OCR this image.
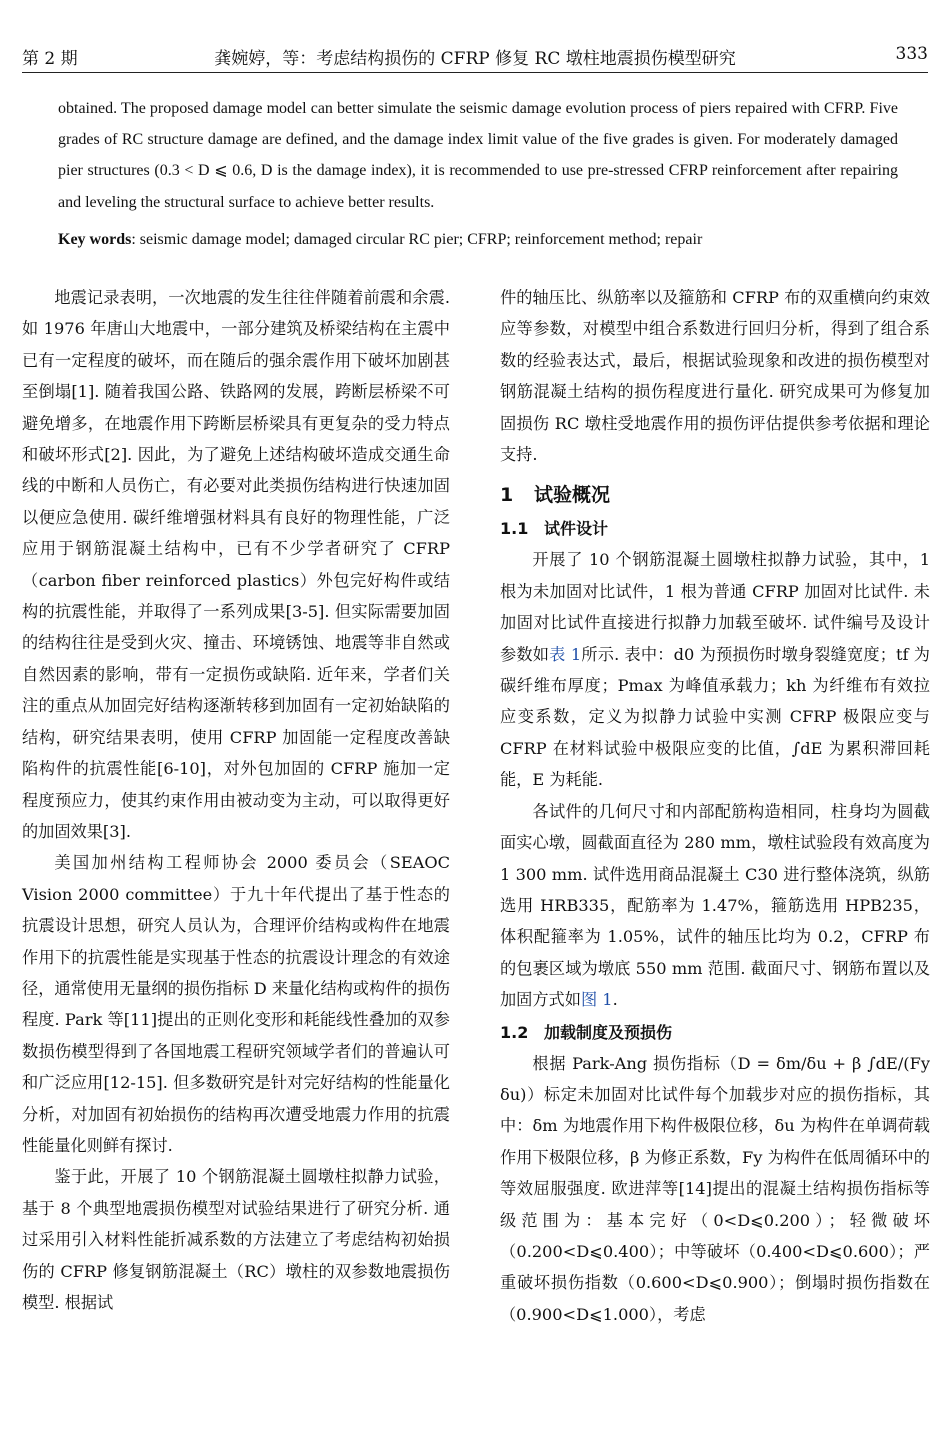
第 2 期	龚婉婷，等：考虑结构损伤的 CFRP 修复 RC 墩柱地震损伤模型研究	333

obtained. The proposed damage model can better simulate the seismic damage evolution process of piers repaired with CFRP. Five grades of RC structure damage are defined, and the damage index limit value of the five grades is given. For moderately damaged pier structures (0.3 < D ⩽ 0.6, D is the damage index), it is recommended to use pre-stressed CFRP reinforcement after repairing and leveling the structural surface to achieve better results.

Key words: seismic damage model; damaged circular RC pier; CFRP; reinforcement method; repair

地震记录表明，一次地震的发生往往伴随着前震和余震. 如 1976 年唐山大地震中，一部分建筑及桥梁结构在主震中已有一定程度的破坏，而在随后的强余震作用下破坏加剧甚至倒塌[1]. 随着我国公路、铁路网的发展，跨断层桥梁不可避免增多，在地震作用下跨断层桥梁具有更复杂的受力特点和破坏形式[2]. 因此，为了避免上述结构破坏造成交通生命线的中断和人员伤亡，有必要对此类损伤结构进行快速加固以便应急使用. 碳纤维增强材料具有良好的物理性能，广泛应用于钢筋混凝土结构中，已有不少学者研究了 CFRP（carbon fiber reinforced plastics）外包完好构件或结构的抗震性能，并取得了一系列成果[3-5]. 但实际需要加固的结构往往是受到火灾、撞击、环境锈蚀、地震等非自然或自然因素的影响，带有一定损伤或缺陷. 近年来，学者们关注的重点从加固完好结构逐渐转移到加固有一定初始缺陷的结构，研究结果表明，使用 CFRP 加固能一定程度改善缺陷构件的抗震性能[6-10]，对外包加固的 CFRP 施加一定程度预应力，使其约束作用由被动变为主动，可以取得更好的加固效果[3].

美国加州结构工程师协会 2000 委员会（SEAOC Vision 2000 committee）于九十年代提出了基于性态的抗震设计思想，研究人员认为，合理评价结构或构件在地震作用下的抗震性能是实现基于性态的抗震设计理念的有效途径，通常使用无量纲的损伤指标 D 来量化结构或构件的损伤程度. Park 等[11]提出的正则化变形和耗能线性叠加的双参数损伤模型得到了各国地震工程研究领域学者们的普遍认可和广泛应用[12-15]. 但多数研究是针对完好结构的性能量化分析，对加固有初始损伤的结构再次遭受地震力作用的抗震性能量化则鲜有探讨.

鉴于此，开展了 10 个钢筋混凝土圆墩柱拟静力试验，基于 8 个典型地震损伤模型对试验结果进行了研究分析. 通过采用引入材料性能折减系数的方法建立了考虑结构初始损伤的 CFRP 修复钢筋混凝土（RC）墩柱的双参数地震损伤模型. 根据试

件的轴压比、纵筋率以及箍筋和 CFRP 布的双重横向约束效应等参数，对模型中组合系数进行回归分析，得到了组合系数的经验表达式，最后，根据试验现象和改进的损伤模型对钢筋混凝土结构的损伤程度进行量化. 研究成果可为修复加固损伤 RC 墩柱受地震作用的损伤评估提供参考依据和理论支持.

1 试验概况
1.1 试件设计

开展了 10 个钢筋混凝土圆墩柱拟静力试验，其中，1 根为未加固对比试件，1 根为普通 CFRP 加固对比试件. 未加固对比试件直接进行拟静力加载至破坏. 试件编号及设计参数如表 1所示. 表中：d0 为预损伤时墩身裂缝宽度；tf 为碳纤维布厚度；Pmax 为峰值承载力；kh 为纤维布有效拉应变系数，定义为拟静力试验中实测 CFRP 极限应变与 CFRP 在材料试验中极限应变的比值，∫dE 为累积滞回耗能，E 为耗能.

各试件的几何尺寸和内部配筋构造相同，柱身均为圆截面实心墩，圆截面直径为 280 mm，墩柱试验段有效高度为 1 300 mm. 试件选用商品混凝土 C30 进行整体浇筑，纵筋选用 HRB335，配筋率为 1.47%，箍筋选用 HPB235，体积配箍率为 1.05%，试件的轴压比均为 0.2，CFRP 布的包裹区域为墩底 550 mm 范围. 截面尺寸、钢筋布置以及加固方式如图 1.

1.2 加载制度及预损伤

根据 Park-Ang 损伤指标（D = δm/δu + β ∫dE/(Fy δu)）标定未加固对比试件每个加载步对应的损伤指标，其中：δm 为地震作用下构件极限位移，δu 为构件在单调荷载作用下极限位移，β 为修正系数，Fy 为构件在低周循环中的等效屈服强度. 欧进萍等[14]提出的混凝土结构损伤指标等级范围为：基本完好（0<D⩽0.200）；轻微破坏（0.200<D⩽0.400）；中等破坏（0.400<D⩽0.600）；严重破坏损伤指数（0.600<D⩽0.900）；倒塌时损伤指数在（0.900<D⩽1.000），考虑
